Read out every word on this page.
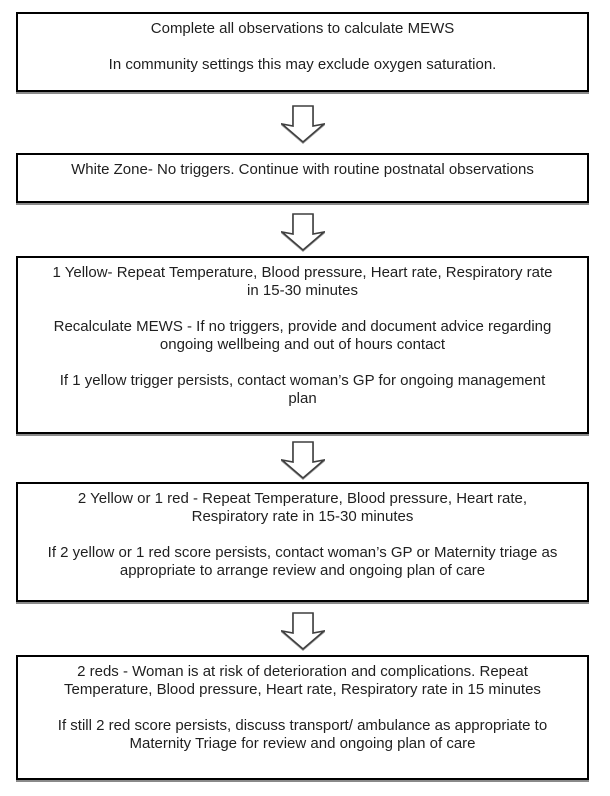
Complete all observations to calculate MEWS
In community settings this may exclude oxygen saturation.
White Zone- No triggers. Continue with routine postnatal observations
1 Yellow- Repeat Temperature, Blood pressure, Heart rate, Respiratory rate
in 15-30 minutes
Recalculate MEWS - If no triggers, provide and document advice regarding
ongoing wellbeing and out of hours contact
If 1 yellow trigger persists, contact woman’s GP for ongoing management
plan
2 Yellow or 1 red - Repeat Temperature, Blood pressure, Heart rate,
Respiratory rate in 15-30 minutes
If 2 yellow or 1 red score persists, contact woman’s GP or Maternity triage as
appropriate to arrange review and ongoing plan of care
2 reds - Woman is at risk of deterioration and complications. Repeat
Temperature, Blood pressure, Heart rate, Respiratory rate in 15 minutes
If still 2 red score persists, discuss transport/ ambulance as appropriate to
Maternity Triage for review and ongoing plan of care
